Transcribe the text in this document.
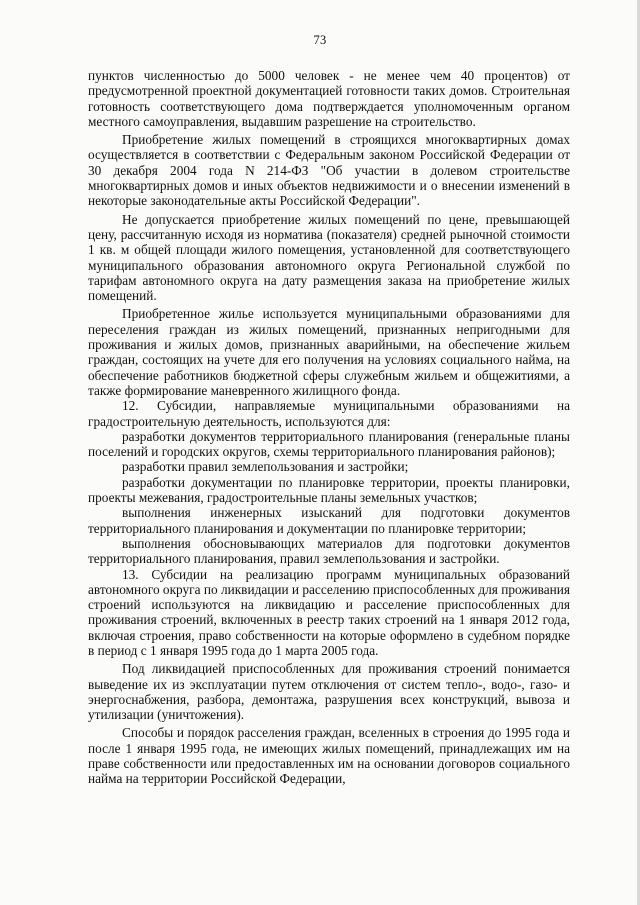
73

пунктов численностью до 5000 человек - не менее чем 40 процентов) от предусмотренной проектной документацией готовности таких домов. Строительная готовность соответствующего дома подтверждается уполномоченным органом местного самоуправления, выдавшим разрешение на строительство.

Приобретение жилых помещений в строящихся многоквартирных домах осуществляется в соответствии с Федеральным законом Российской Федерации от 30 декабря 2004 года N 214-ФЗ "Об участии в долевом строительстве многоквартирных домов и иных объектов недвижимости и о внесении изменений в некоторые законодательные акты Российской Федерации".

Не допускается приобретение жилых помещений по цене, превышающей цену, рассчитанную исходя из норматива (показателя) средней рыночной стоимости 1 кв. м общей площади жилого помещения, установленной для соответствующего муниципального образования автономного округа Региональной службой по тарифам автономного округа на дату размещения заказа на приобретение жилых помещений.

Приобретенное жилье используется муниципальными образованиями для переселения граждан из жилых помещений, признанных непригодными для проживания и жилых домов, признанных аварийными, на обеспечение жильем граждан, состоящих на учете для его получения на условиях социального найма, на обеспечение работников бюджетной сферы служебным жильем и общежитиями, а также формирование маневренного жилищного фонда.

12. Субсидии, направляемые муниципальными образованиями на градостроительную деятельность, используются для:

разработки документов территориального планирования (генеральные планы поселений и городских округов, схемы территориального планирования районов);

разработки правил землепользования и застройки;

разработки документации по планировке территории, проекты планировки, проекты межевания, градостроительные планы земельных участков;

выполнения инженерных изысканий для подготовки документов территориального планирования и документации по планировке территории;

выполнения обосновывающих материалов для подготовки документов территориального планирования, правил землепользования и застройки.

13. Субсидии на реализацию программ муниципальных образований автономного округа по ликвидации и расселению приспособленных для проживания строений используются на ликвидацию и расселение приспособленных для проживания строений, включенных в реестр таких строений на 1 января 2012 года, включая строения, право собственности на которые оформлено в судебном порядке в период с 1 января 1995 года до 1 марта 2005 года.

Под ликвидацией приспособленных для проживания строений понимается выведение их из эксплуатации путем отключения от систем тепло-, водо-, газо- и энергоснабжения, разбора, демонтажа, разрушения всех конструкций, вывоза и утилизации (уничтожения).

Способы и порядок расселения граждан, вселенных в строения до 1995 года и после 1 января 1995 года, не имеющих жилых помещений, принадлежащих им на праве собственности или предоставленных им на основании договоров социального найма на территории Российской Федерации,
